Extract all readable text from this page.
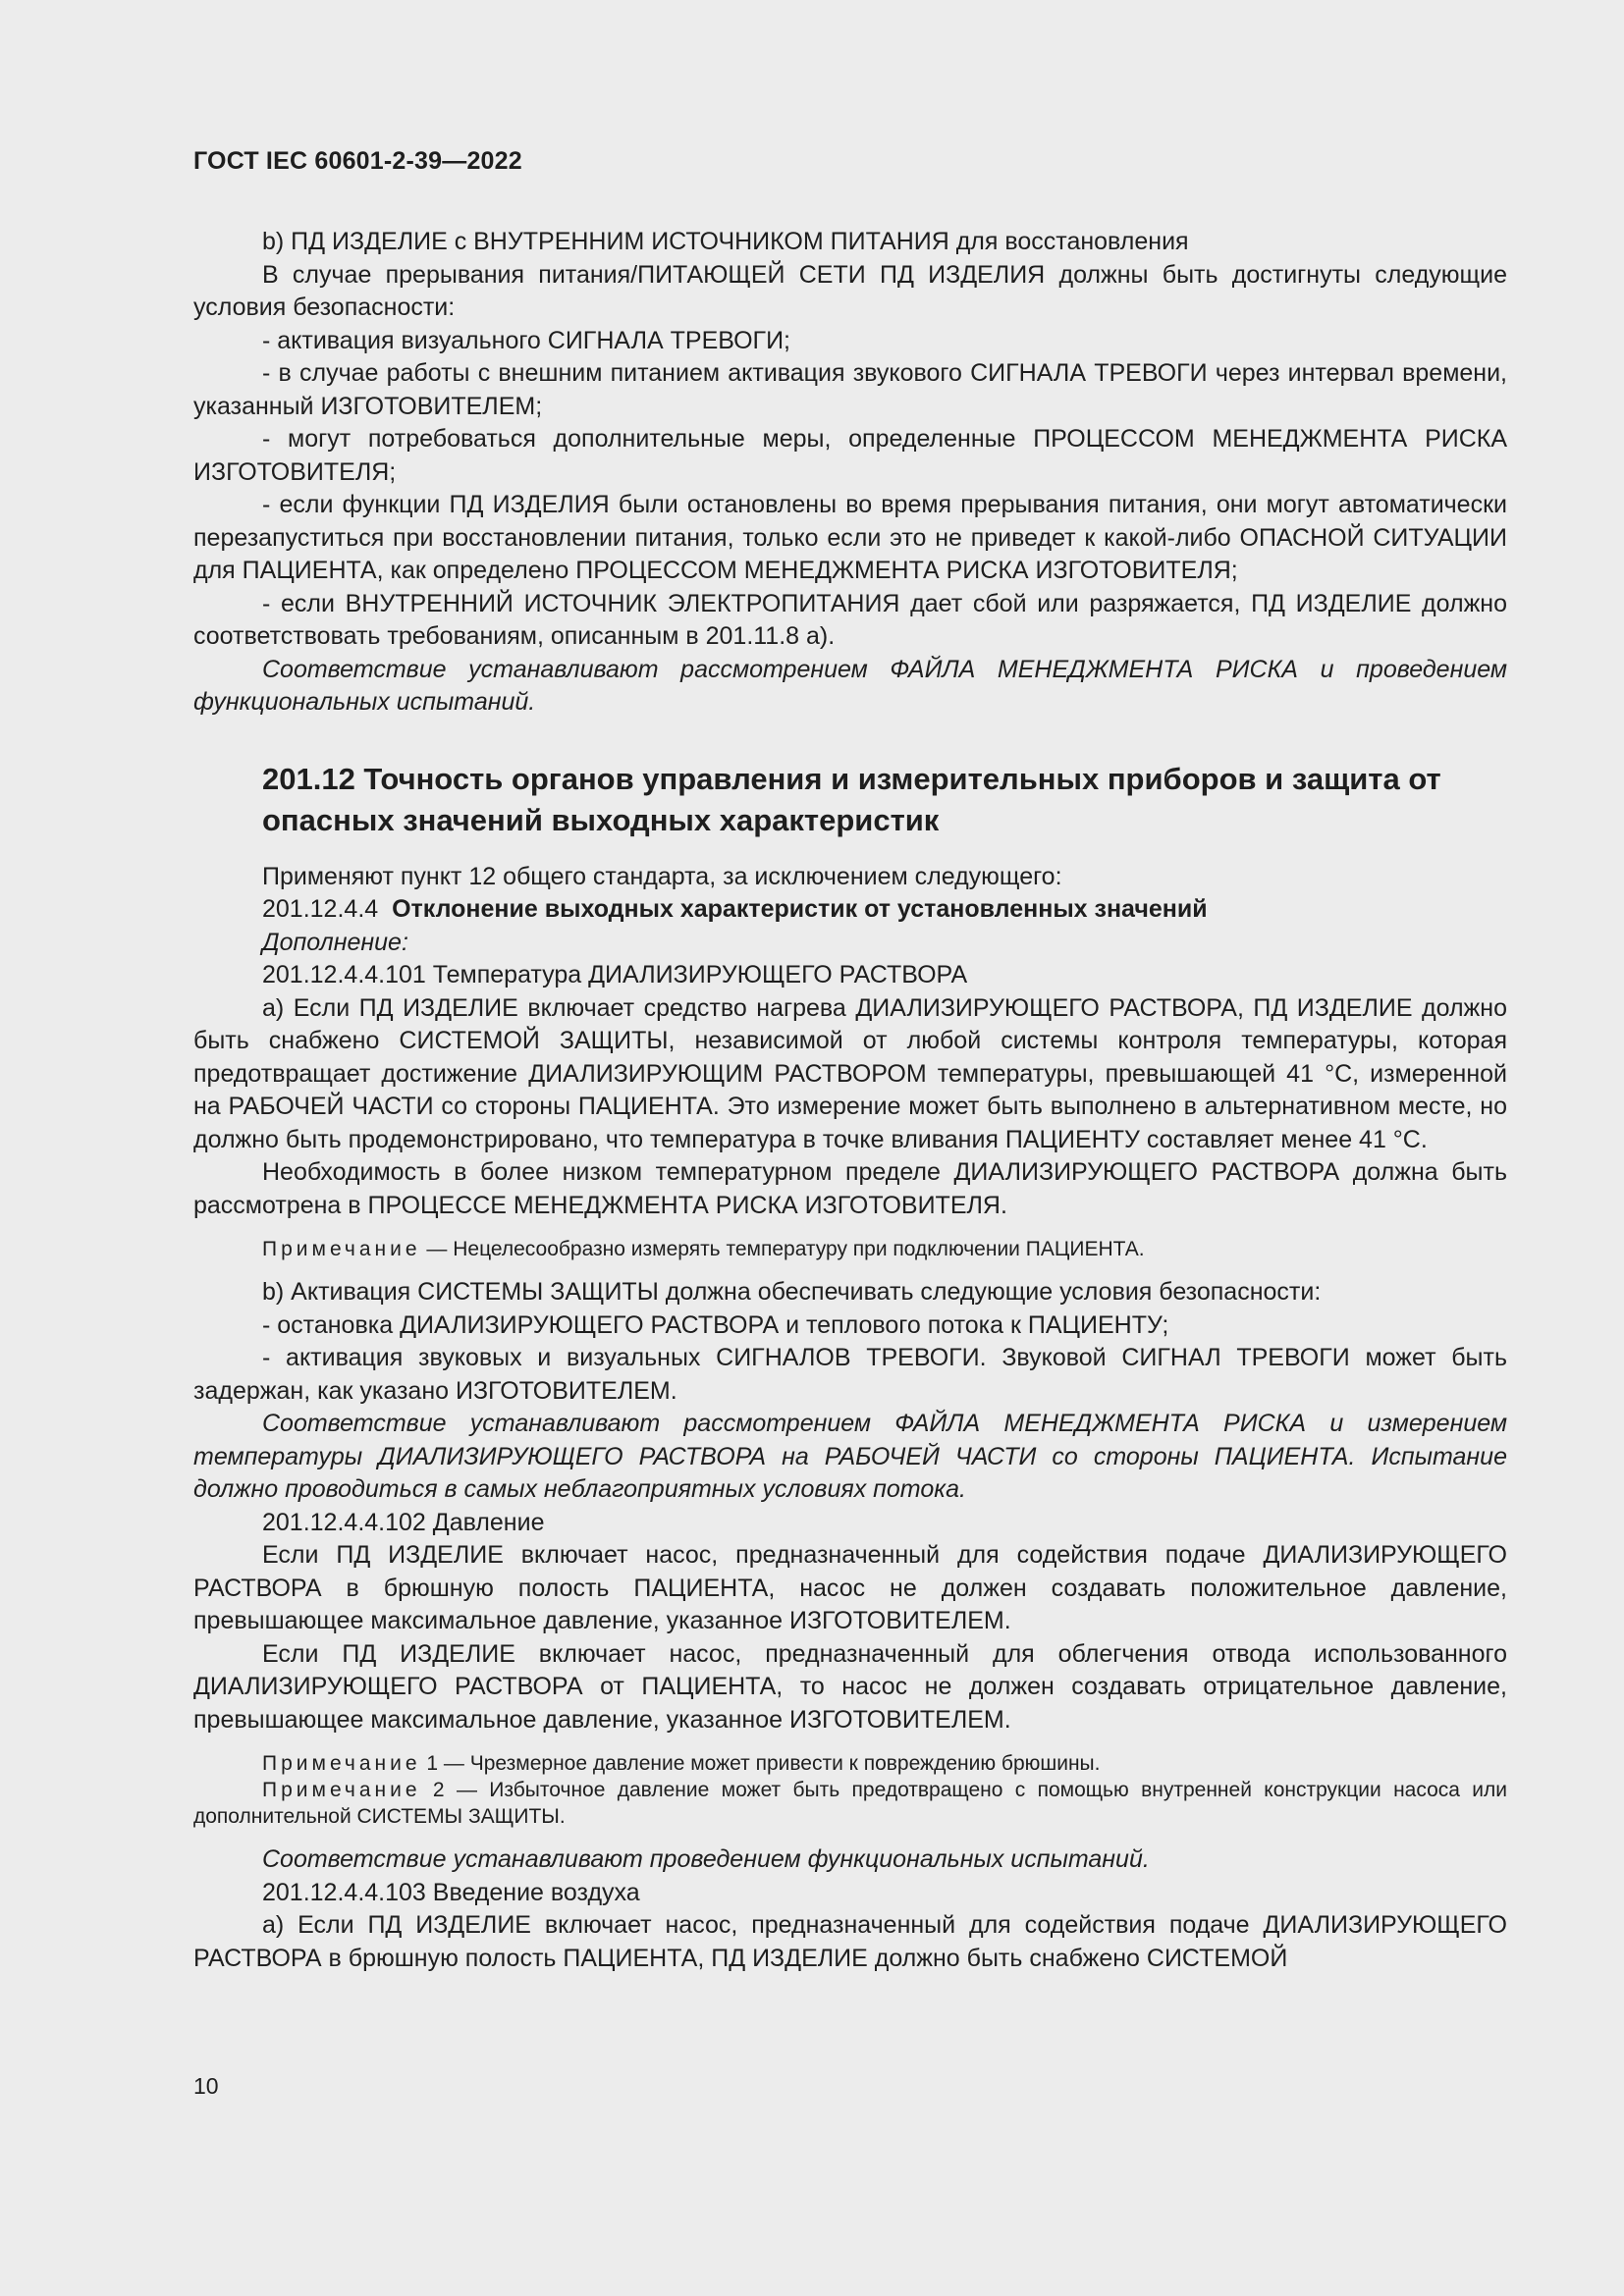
ГОСТ IEC 60601-2-39—2022

b) ПД ИЗДЕЛИЕ с ВНУТРЕННИМ ИСТОЧНИКОМ ПИТАНИЯ для восстановления

В случае прерывания питания/ПИТАЮЩЕЙ СЕТИ ПД ИЗДЕЛИЯ должны быть достигнуты следующие условия безопасности:

- активация визуального СИГНАЛА ТРЕВОГИ;

- в случае работы с внешним питанием активация звукового СИГНАЛА ТРЕВОГИ через интервал времени, указанный ИЗГОТОВИТЕЛЕМ;

- могут потребоваться дополнительные меры, определенные ПРОЦЕССОМ МЕНЕДЖМЕНТА РИСКА ИЗГОТОВИТЕЛЯ;

- если функции ПД ИЗДЕЛИЯ были остановлены во время прерывания питания, они могут автоматически перезапуститься при восстановлении питания, только если это не приведет к какой-либо ОПАСНОЙ СИТУАЦИИ для ПАЦИЕНТА, как определено ПРОЦЕССОМ МЕНЕДЖМЕНТА РИСКА ИЗГОТОВИТЕЛЯ;

- если ВНУТРЕННИЙ ИСТОЧНИК ЭЛЕКТРОПИТАНИЯ дает сбой или разряжается, ПД ИЗДЕЛИЕ должно соответствовать требованиям, описанным в 201.11.8 а).

Соответствие устанавливают рассмотрением ФАЙЛА МЕНЕДЖМЕНТА РИСКА и проведением функциональных испытаний.

201.12 Точность органов управления и измерительных приборов и защита от опасных значений выходных характеристик

Применяют пункт 12 общего стандарта, за исключением следующего:

201.12.4.4 Отклонение выходных характеристик от установленных значений

Дополнение:

201.12.4.4.101 Температура ДИАЛИЗИРУЮЩЕГО РАСТВОРА

а) Если ПД ИЗДЕЛИЕ включает средство нагрева ДИАЛИЗИРУЮЩЕГО РАСТВОРА, ПД ИЗДЕЛИЕ должно быть снабжено СИСТЕМОЙ ЗАЩИТЫ, независимой от любой системы контроля температуры, которая предотвращает достижение ДИАЛИЗИРУЮЩИМ РАСТВОРОМ температуры, превышающей 41 °С, измеренной на РАБОЧЕЙ ЧАСТИ со стороны ПАЦИЕНТА. Это измерение может быть выполнено в альтернативном месте, но должно быть продемонстрировано, что температура в точке вливания ПАЦИЕНТУ составляет менее 41 °С.

Необходимость в более низком температурном пределе ДИАЛИЗИРУЮЩЕГО РАСТВОРА должна быть рассмотрена в ПРОЦЕССЕ МЕНЕДЖМЕНТА РИСКА ИЗГОТОВИТЕЛЯ.

Примечание — Нецелесообразно измерять температуру при подключении ПАЦИЕНТА.

b) Активация СИСТЕМЫ ЗАЩИТЫ должна обеспечивать следующие условия безопасности:

- остановка ДИАЛИЗИРУЮЩЕГО РАСТВОРА и теплового потока к ПАЦИЕНТУ;

- активация звуковых и визуальных СИГНАЛОВ ТРЕВОГИ. Звуковой СИГНАЛ ТРЕВОГИ может быть задержан, как указано ИЗГОТОВИТЕЛЕМ.

Соответствие устанавливают рассмотрением ФАЙЛА МЕНЕДЖМЕНТА РИСКА и измерением температуры ДИАЛИЗИРУЮЩЕГО РАСТВОРА на РАБОЧЕЙ ЧАСТИ со стороны ПАЦИЕНТА. Испытание должно проводиться в самых неблагоприятных условиях потока.

201.12.4.4.102 Давление

Если ПД ИЗДЕЛИЕ включает насос, предназначенный для содействия подаче ДИАЛИЗИРУЮЩЕГО РАСТВОРА в брюшную полость ПАЦИЕНТА, насос не должен создавать положительное давление, превышающее максимальное давление, указанное ИЗГОТОВИТЕЛЕМ.

Если ПД ИЗДЕЛИЕ включает насос, предназначенный для облегчения отвода использованного ДИАЛИЗИРУЮЩЕГО РАСТВОРА от ПАЦИЕНТА, то насос не должен создавать отрицательное давление, превышающее максимальное давление, указанное ИЗГОТОВИТЕЛЕМ.

Примечание 1 — Чрезмерное давление может привести к повреждению брюшины.

Примечание 2 — Избыточное давление может быть предотвращено с помощью внутренней конструкции насоса или дополнительной СИСТЕМЫ ЗАЩИТЫ.

Соответствие устанавливают проведением функциональных испытаний.

201.12.4.4.103 Введение воздуха

а) Если ПД ИЗДЕЛИЕ включает насос, предназначенный для содействия подаче ДИАЛИЗИРУЮЩЕГО РАСТВОРА в брюшную полость ПАЦИЕНТА, ПД ИЗДЕЛИЕ должно быть снабжено СИСТЕМОЙ

10
